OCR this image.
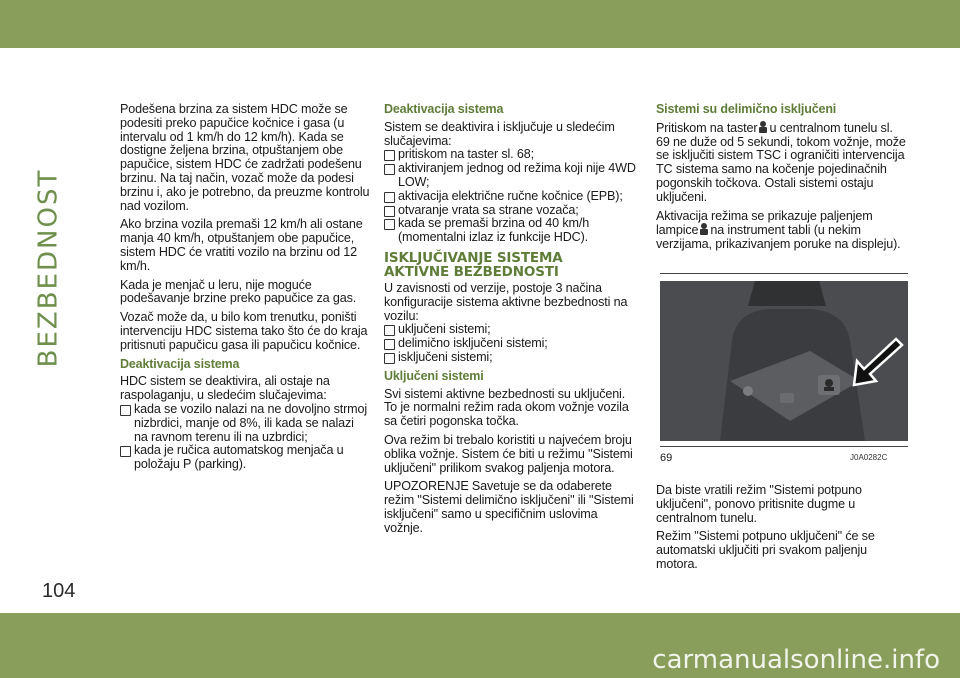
BEZBEDNOST

Podešena brzina za sistem HDC može se podesiti preko papučice kočnice i gasa (u intervalu od 1 km/h do 12 km/h). Kada se dostigne željena brzina, otpuštanjem obe papučice, sistem HDC će zadržati podešenu brzinu. Na taj način, vozač može da podesi brzinu i, ako je potrebno, da preuzme kontrolu nad vozilom.

Ako brzina vozila premaši 12 km/h ali ostane manja 40 km/h, otpuštanjem obe papučice, sistem HDC će vratiti vozilo na brzinu od 12 km/h.

Kada je menjač u leru, nije moguće podešavanje brzine preko papučice za gas.

Vozač može da, u bilo kom trenutku, poništi intervenciju HDC sistema tako što će do kraja pritisnuti papučicu gasa ili papučicu kočnice.

Deaktivacija sistema

HDC sistem se deaktivira, ali ostaje na raspolaganju, u sledećim slučajevima:

kada se vozilo nalazi na ne dovoljno strmoj nizbrdici, manje od 8%, ili kada se nalazi na ravnom terenu ili na uzbrdici;
kada je ručica automatskog menjača u položaju P (parking).
Deaktivacija sistema

Sistem se deaktivira i isključuje u sledećim slučajevima:

pritiskom na taster sl. 68;
aktiviranjem jednog od režima koji nije 4WD LOW;
aktivacija električne ručne kočnice (EPB);
otvaranje vrata sa strane vozača;
kada se premaši brzina od 40 km/h (momentalni izlaz iz funkcije HDC).
ISKLJUČIVANJE SISTEMA
AKTIVNE BEZBEDNOSTI

U zavisnosti od verzije, postoje 3 načina konfiguracije sistema aktivne bezbednosti na vozilu:

uključeni sistemi;
delimično isključeni sistemi;
isključeni sistemi;
Uključeni sistemi

Svi sistemi aktivne bezbednosti su uključeni. To je normalni režim rada okom vožnje vozila sa četiri pogonska točka.

Ova režim bi trebalo koristiti u najvećem broju oblika vožnje. Sistem će biti u režimu "Sistemi uključeni" prilikom svakog paljenja motora.

UPOZORENJE Savetuje se da odaberete režim "Sistemi delimično isključeni" ili "Sistemi isključeni" samo u specifičnim uslovima vožnje.

Sistemi su delimično isključeni

Pritiskom na taster u centralnom tunelu sl. 69 ne duže od 5 sekundi, tokom vožnje, može se isključiti sistem TSC i ograničiti intervencija TC sistema samo na kočenje pojedinačnih pogonskih točkova. Ostali sistemi ostaju uključeni.

Aktivacija režima se prikazuje paljenjem lampice na instrument tabli (u nekim verzijama, prikazivanjem poruke na displeju).

69	J0A0282C

Da biste vratili režim "Sistemi potpuno uključeni", ponovo pritisnite dugme u centralnom tunelu.

Režim "Sistemi potpuno uključeni" će se automatski uključiti pri svakom paljenju motora.

104
carmanualsonline.info
